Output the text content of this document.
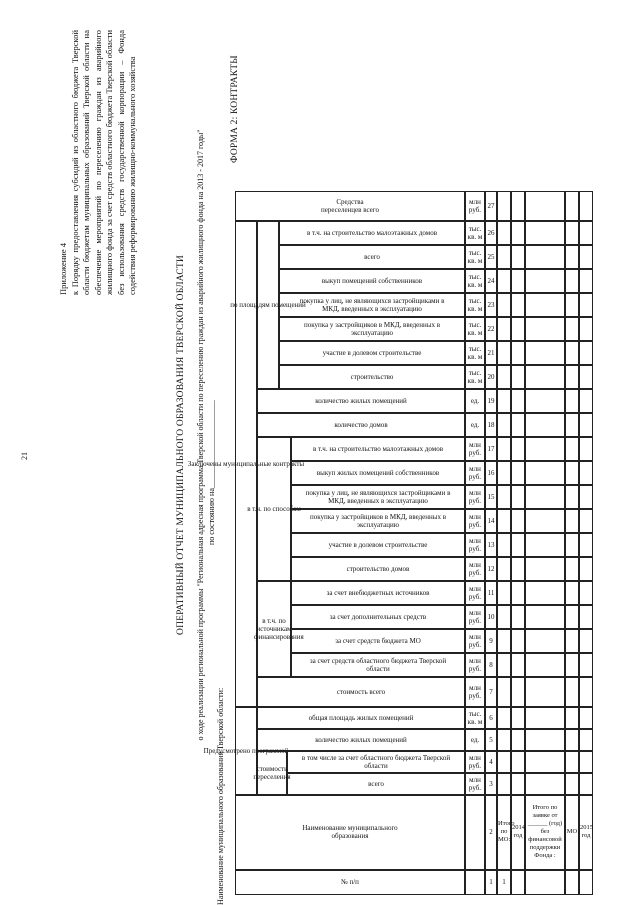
21
Приложение 4 к Порядку предоставления субсидий из областного бюджета Тверской области бюджетам муниципальных образований Тверской области на обеспечение мероприятий по переселению граждан из аварийного жилищного фонда за счет средств областного бюджета Тверской области без использования средств государственной корпорации – Фонда содействия реформированию жилищно-коммунального хозяйства	ФОРМА 2: КОНТРАКТЫ
ОПЕРАТИВНЫЙ ОТЧЕТ МУНИЦИПАЛЬНОГО ОБРАЗОВАНИЯ ТВЕРСКОЙ ОБЛАСТИ о ходе реализации региональной программы "Региональная адресная программа Тверской области по переселению граждан из аварийного жилищного фонда на 2013 - 2017 годы" по состоянию на______________________
Наименование муниципального образования Тверской области:	№ п/п
Наименование муниципального образования
Предусмотрено программой
стоимость переселения
всего
в том числе за счет областного бюджета Тверской области
количество жилых помещений
общая площадь жилых помещений
Заключены муниципальные контракты
стоимость всего
в т.ч. по источникам финансирования
за счет средств областного бюджета Тверской области
за счет средств бюджета МО
за счет дополнительных средств
за счет внебюджетных источников
в т.ч. по способам
строительство домов
участие в долевом строительстве
покупка у застройщиков в МКД, введенных в эксплуатацию
покупка у лиц, не являющихся застройщиками в МКД, введенных в эксплуатацию
выкуп жилых помещений собственников
в т.ч. на строительство малоэтажных домов
количество домов
количество жилых помещений
по площадям помещений
строительство
участие в долевом строительстве
покупка у застройщиков в МКД, введенных в эксплуатацию
покупка у лиц, не являющихся застройщиками в МКД, введенных в эксплуатацию
выкуп помещений собственников
всего
в т.ч. на строительство малоэтажных домов
Средства переселенцев всего
млн руб.
млн руб.
ед.
тыс. кв. м
млн руб.
млн руб.
млн руб.
млн руб.
млн руб.
млн руб.
млн руб.
млн руб.
млн руб.
млн руб.
млн руб.
ед.
ед.
тыс. кв. м
тыс. кв. м
тыс. кв. м
тыс. кв. м
тыс. кв. м
тыс. кв. м
тыс. кв. м
млн руб.
1
2
3
4
5
6
7
8
9
10
11
12
13
14
15
16
17
18
19
20
21
22
23
24
25
26
27
1
Итого по МО:
2014 год
Итого по заявке от ______ (год) без финансовой поддержки Фонда :
МО
2015 год
